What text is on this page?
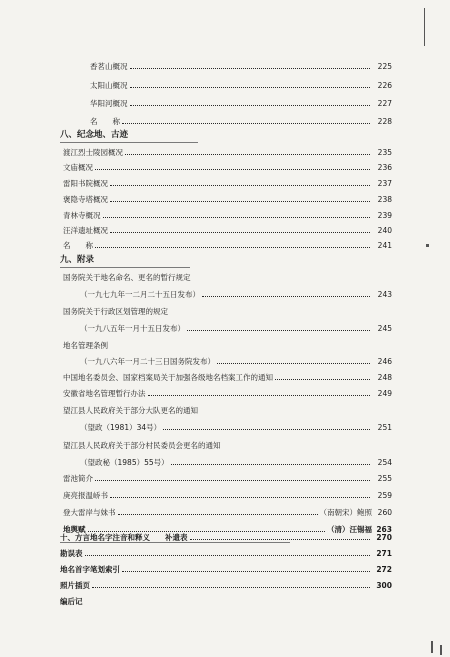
香茗山概况	225
太阳山概况	226
华阳河概况	227
名　　称	228
八、纪念地、古迹
渡江烈士陵园概况	235
文庙概况	236
雷阳书院概况	237
褒隐寺塔概况	238
青林寺概况	239
汪洋遗址概况	240
名　　称	241
九、附录
国务院关于地名命名、更名的暂行规定
（一九七九年一二月二十五日发布）	243
国务院关于行政区划管理的规定
（一九八五年一月十五日发布）	245
地名管理条例
（一九八六年一月二十三日国务院发布）	246
中国地名委员会、国家档案局关于加强各级地名档案工作的通知	248
安徽省地名管理暂行办法	249
望江县人民政府关于部分大队更名的通知
（望政（1981）34号）	251
望江县人民政府关于部分村民委员会更名的通知
（望政秘（1985）55号）	254
雷池简介	255
庚亮报温峤书	259
登大雷岸与妹书	（南朝宋）鲍照 260
地舆赋	（清）汪锡福 263
十、方言地名字注音和释义　　补遗表	270
勘误表	271
地名首字笔划索引	272
照片插页	300
编后记
